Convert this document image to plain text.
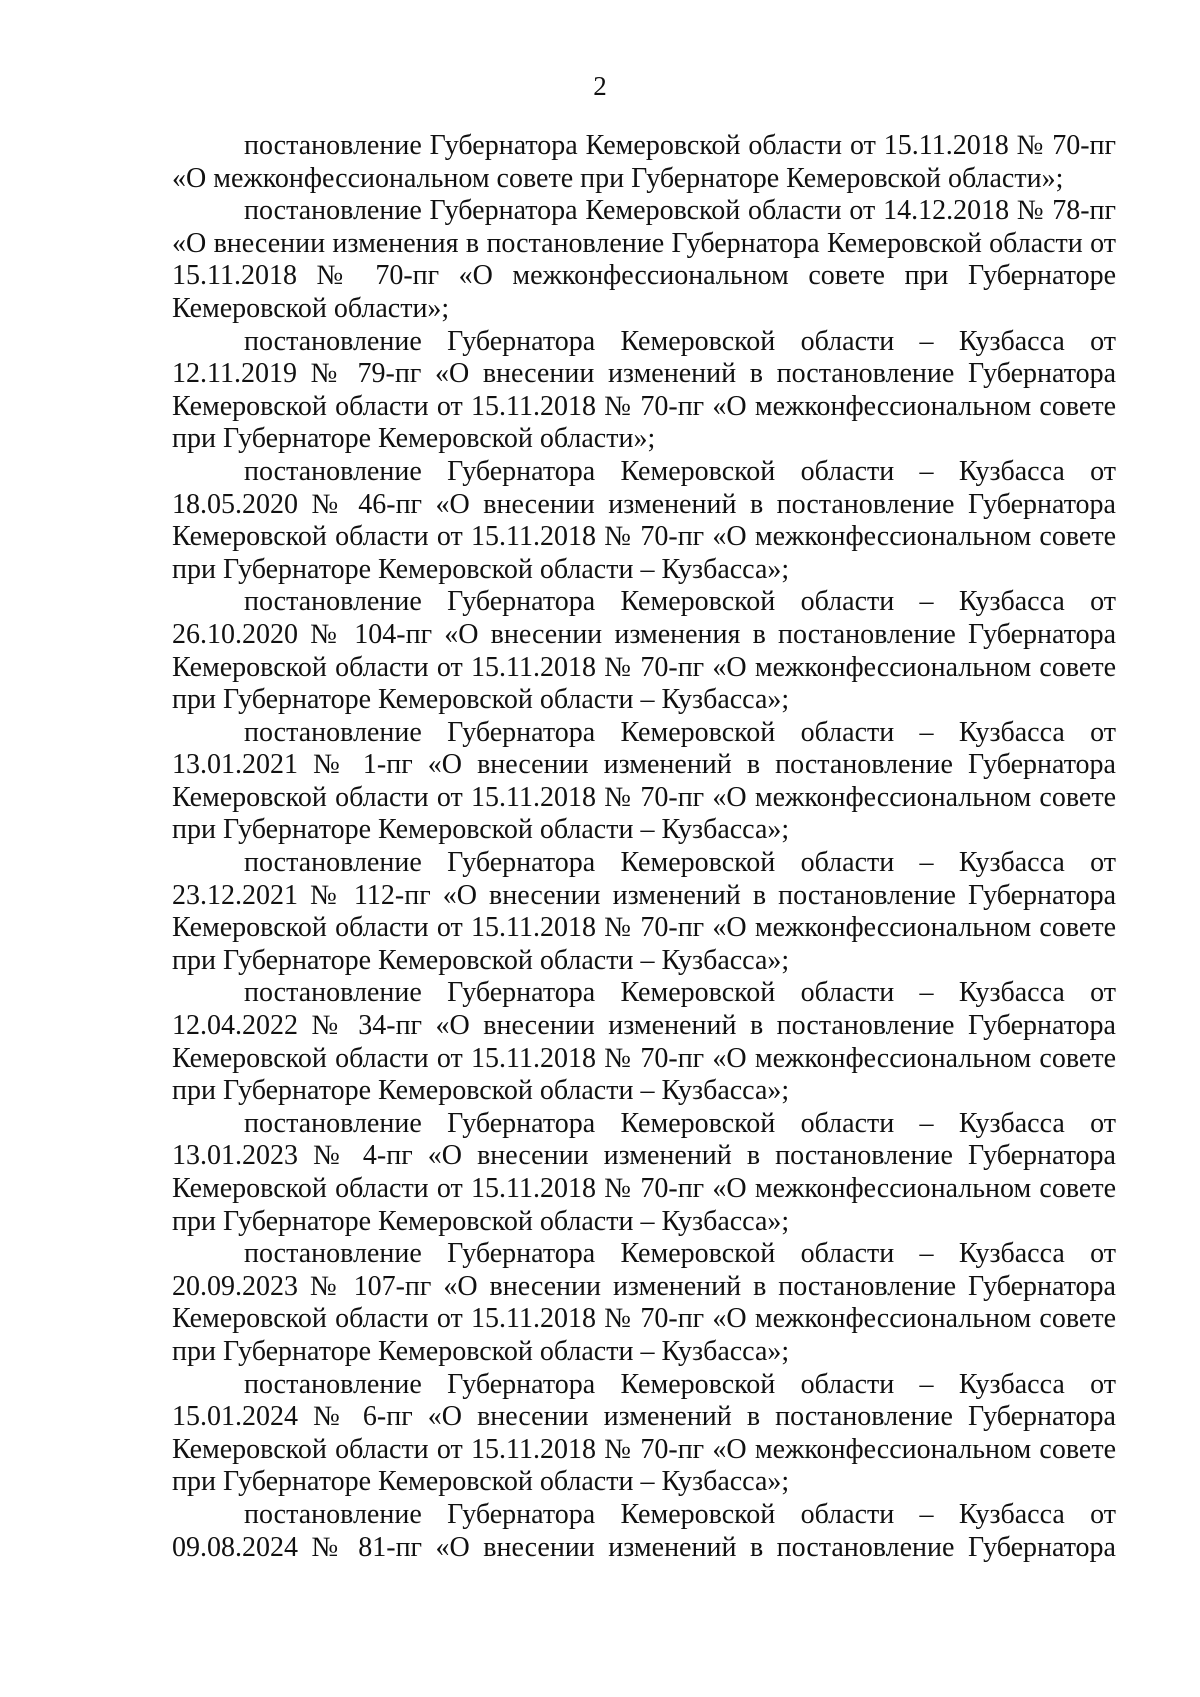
2

постановление Губернатора Кемеровской области от 15.11.2018 № 70-пг «О межконфессиональном совете при Губернаторе Кемеровской области»;

постановление Губернатора Кемеровской области от 14.12.2018 № 78-пг «О внесении изменения в постановление Губернатора Кемеровской области от 15.11.2018 № 70-пг «О межконфессиональном совете при Губернаторе Кемеровской области»;

постановление Губернатора Кемеровской области – Кузбасса от 12.11.2019 № 79-пг «О внесении изменений в постановление Губернатора Кемеровской области от 15.11.2018 № 70-пг «О межконфессиональном совете при Губернаторе Кемеровской области»;

постановление Губернатора Кемеровской области – Кузбасса от 18.05.2020 № 46-пг «О внесении изменений в постановление Губернатора Кемеровской области от 15.11.2018 № 70-пг «О межконфессиональном совете при Губернаторе Кемеровской области – Кузбасса»;

постановление Губернатора Кемеровской области – Кузбасса от 26.10.2020 № 104-пг «О внесении изменения в постановление Губернатора Кемеровской области от 15.11.2018 № 70-пг «О межконфессиональном совете при Губернаторе Кемеровской области – Кузбасса»;

постановление Губернатора Кемеровской области – Кузбасса от 13.01.2021 № 1-пг «О внесении изменений в постановление Губернатора Кемеровской области от 15.11.2018 № 70-пг «О межконфессиональном совете при Губернаторе Кемеровской области – Кузбасса»;

постановление Губернатора Кемеровской области – Кузбасса от 23.12.2021 № 112-пг «О внесении изменений в постановление Губернатора Кемеровской области от 15.11.2018 № 70-пг «О межконфессиональном совете при Губернаторе Кемеровской области – Кузбасса»;

постановление Губернатора Кемеровской области – Кузбасса от 12.04.2022 № 34-пг «О внесении изменений в постановление Губернатора Кемеровской области от 15.11.2018 № 70-пг «О межконфессиональном совете при Губернаторе Кемеровской области – Кузбасса»;

постановление Губернатора Кемеровской области – Кузбасса от 13.01.2023 № 4-пг «О внесении изменений в постановление Губернатора Кемеровской области от 15.11.2018 № 70-пг «О межконфессиональном совете при Губернаторе Кемеровской области – Кузбасса»;

постановление Губернатора Кемеровской области – Кузбасса от 20.09.2023 № 107-пг «О внесении изменений в постановление Губернатора Кемеровской области от 15.11.2018 № 70-пг «О межконфессиональном совете при Губернаторе Кемеровской области – Кузбасса»;

постановление Губернатора Кемеровской области – Кузбасса от 15.01.2024 № 6-пг «О внесении изменений в постановление Губернатора Кемеровской области от 15.11.2018 № 70-пг «О межконфессиональном совете при Губернаторе Кемеровской области – Кузбасса»;

постановление Губернатора Кемеровской области – Кузбасса от 09.08.2024 № 81-пг «О внесении изменений в постановление Губернатора
